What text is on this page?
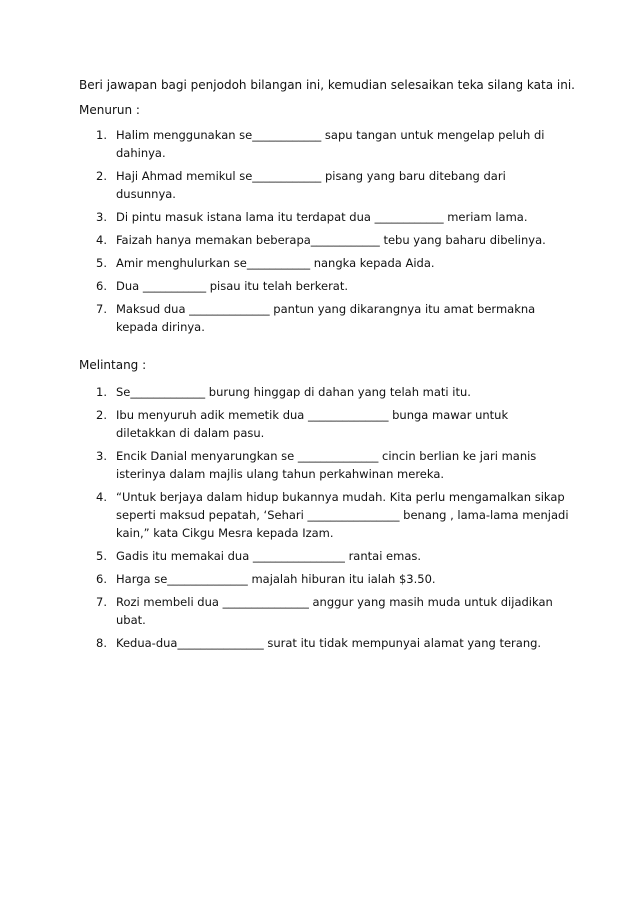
Beri jawapan bagi penjodoh bilangan ini, kemudian selesaikan teka silang kata ini.
Menurun :
1. Halim menggunakan se____________ sapu tangan untuk mengelap peluh di dahinya.
2. Haji Ahmad memikul se____________ pisang yang baru ditebang dari dusunnya.
3. Di pintu masuk istana lama itu terdapat dua ____________ meriam lama.
4. Faizah hanya memakan beberapa____________ tebu yang baharu dibelinya.
5. Amir menghulurkan se___________ nangka kepada Aida.
6. Dua ___________ pisau itu telah berkerat.
7. Maksud dua ______________ pantun yang dikarangnya itu amat bermakna kepada dirinya.
Melintang :
1. Se_____________ burung hinggap di dahan yang telah mati itu.
2. Ibu menyuruh adik memetik dua ______________ bunga mawar untuk diletakkan di dalam pasu.
3. Encik Danial menyarungkan se ______________ cincin berlian ke jari manis isterinya dalam majlis ulang tahun perkahwinan mereka.
4. “Untuk berjaya dalam hidup bukannya mudah. Kita perlu mengamalkan sikap seperti maksud pepatah, ‘Sehari ________________ benang , lama-lama menjadi kain,” kata Cikgu Mesra kepada Izam.
5. Gadis itu memakai dua ________________ rantai emas.
6. Harga se______________ majalah hiburan itu ialah $3.50.
7. Rozi membeli dua _______________ anggur yang masih muda untuk dijadikan ubat.
8. Kedua-dua_______________ surat itu tidak mempunyai alamat yang terang.
